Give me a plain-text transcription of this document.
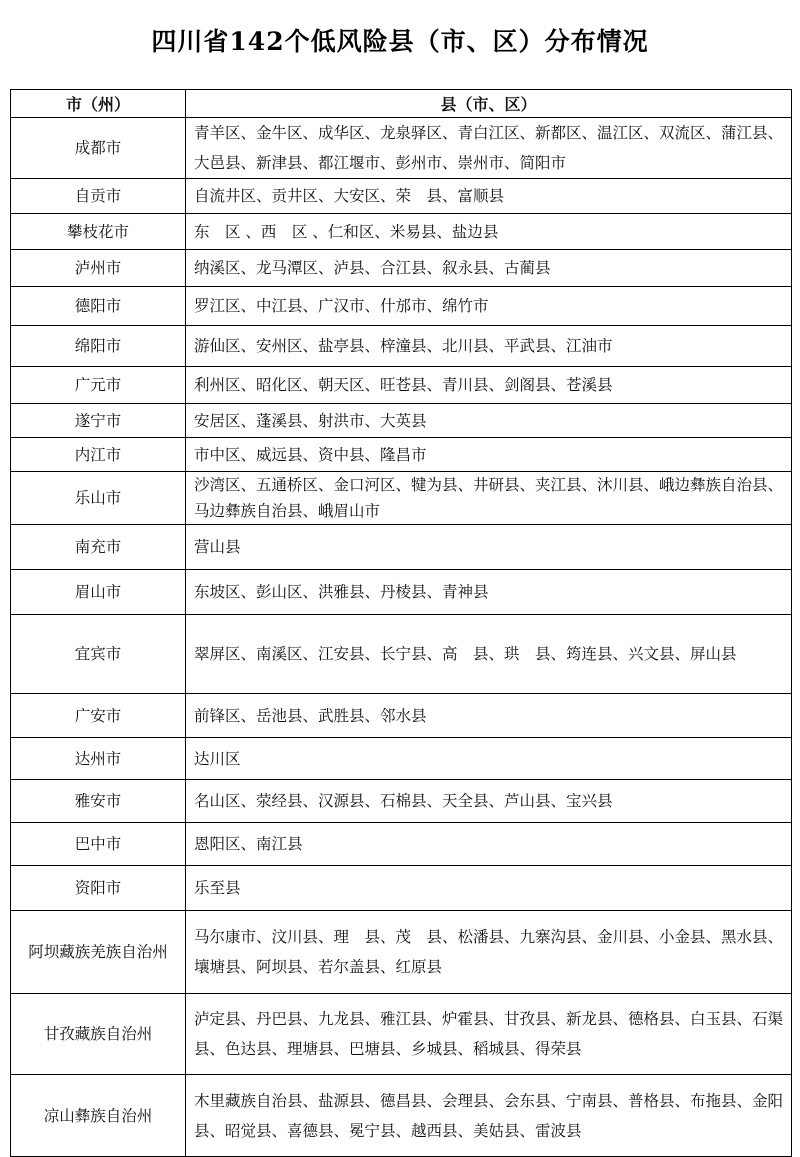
四川省142个低风险县（市、区）分布情况
市（州）	县（市、区）
成都市	青羊区、金牛区、成华区、龙泉驿区、青白江区、新都区、温江区、双流区、蒲江县、大邑县、新津县、都江堰市、彭州市、崇州市、简阳市
自贡市	自流井区、贡井区、大安区、荣　县、富顺县
攀枝花市	东　区 、西　区 、仁和区、米易县、盐边县
泸州市	纳溪区、龙马潭区、泸县、合江县、叙永县、古蔺县
德阳市	罗江区、中江县、广汉市、什邡市、绵竹市
绵阳市	游仙区、安州区、盐亭县、梓潼县、北川县、平武县、江油市
广元市	利州区、昭化区、朝天区、旺苍县、青川县、剑阁县、苍溪县
遂宁市	安居区、蓬溪县、射洪市、大英县
内江市	市中区、威远县、资中县、隆昌市
乐山市	沙湾区、五通桥区、金口河区、犍为县、井研县、夹江县、沐川县、峨边彝族自治县、马边彝族自治县、峨眉山市
南充市	营山县
眉山市	东坡区、彭山区、洪雅县、丹棱县、青神县
宜宾市	翠屏区、南溪区、江安县、长宁县、高　县、珙　县、筠连县、兴文县、屏山县
广安市	前锋区、岳池县、武胜县、邻水县
达州市	达川区
雅安市	名山区、荥经县、汉源县、石棉县、天全县、芦山县、宝兴县
巴中市	恩阳区、南江县
资阳市	乐至县
阿坝藏族羌族自治州	马尔康市、汶川县、理　县、茂　县、松潘县、九寨沟县、金川县、小金县、黑水县、壤塘县、阿坝县、若尔盖县、红原县
甘孜藏族自治州	泸定县、丹巴县、九龙县、雅江县、炉霍县、甘孜县、新龙县、德格县、白玉县、石渠县、色达县、理塘县、巴塘县、乡城县、稻城县、得荣县
凉山彝族自治州	木里藏族自治县、盐源县、德昌县、会理县、会东县、宁南县、普格县、布拖县、金阳县、昭觉县、喜德县、冕宁县、越西县、美姑县、雷波县
